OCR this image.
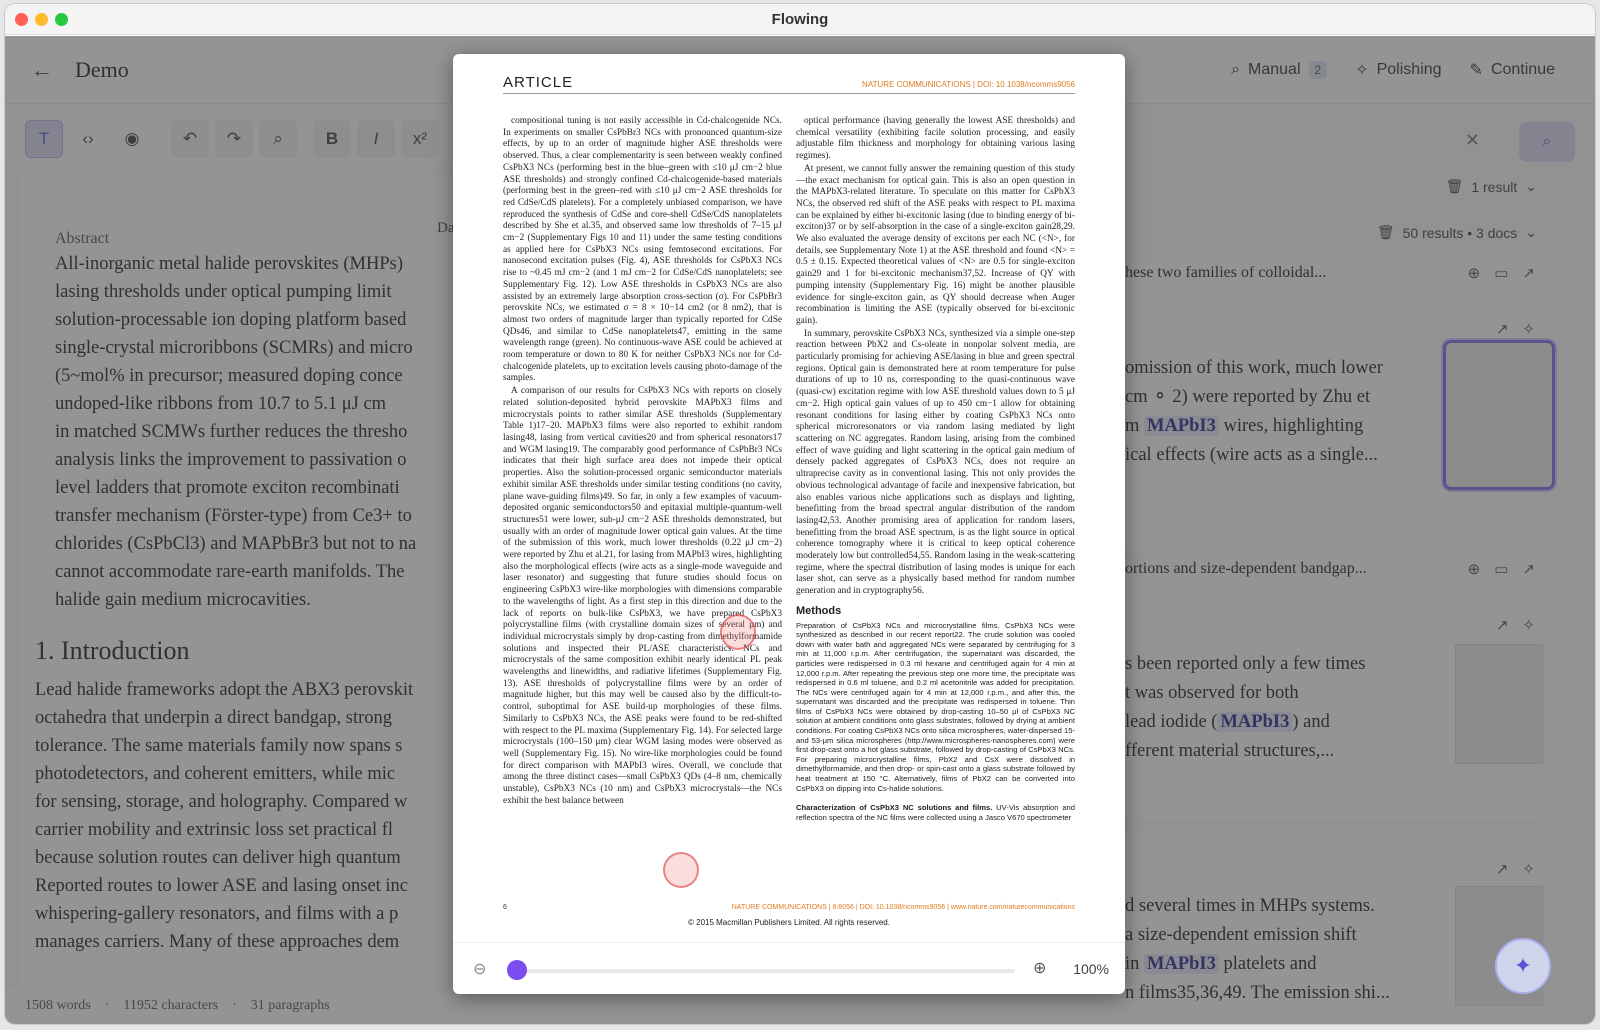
Flowing
ARTICLE	NATURE COMMUNICATIONS | DOI: 10.1038/ncomms9056

compositional tuning is not easily accessible in Cd-chalcogenide NCs. In experiments on smaller CsPbBr3 NCs with pronounced quantum-size effects, by up to an order of magnitude higher ASE thresholds were observed. Thus, a clear complementarity is seen between weakly confined CsPbX3 NCs (performing best in the blue–green with ≤10 μJ cm−2 blue ASE thresholds) and strongly confined Cd-chalcogenide-based materials (performing best in the green–red with ≤10 μJ cm−2 ASE thresholds for red CdSe/CdS platelets). For a completely unbiased comparison, we have reproduced the synthesis of CdSe and core-shell CdSe/CdS nanoplatelets described by She et al.35, and observed same low thresholds of 7–15 μJ cm−2 (Supplementary Figs 10 and 11) under the same testing conditions as applied here for CsPbX3 NCs using femtosecond excitations. For nanosecond excitation pulses (Fig. 4), ASE thresholds for CsPbX3 NCs rise to ~0.45 mJ cm−2 (and 1 mJ cm−2 for CdSe/CdS nanoplatelets; see Supplementary Fig. 12). Low ASE thresholds in CsPbX3 NCs are also assisted by an extremely large absorption cross-section (σ). For CsPbBr3 perovskite NCs, we estimated σ = 8 × 10−14 cm2 (or 8 nm2), that is almost two orders of magnitude larger than typically reported for CdSe QDs46, and similar to CdSe nanoplatelets47, emitting in the same wavelength range (green). No continuous-wave ASE could be achieved at room temperature or down to 80 K for neither CsPbX3 NCs nor for Cd-chalcogenide platelets, up to excitation levels causing photo-damage of the samples.

A comparison of our results for CsPbX3 NCs with reports on closely related solution-deposited hybrid perovskite MAPbX3 films and microcrystals points to rather similar ASE thresholds (Supplementary Table 1)17–20. MAPbX3 films were also reported to exhibit random lasing48, lasing from vertical cavities20 and from spherical resonators17 and WGM lasing19. The comparably good performance of CsPbBr3 NCs indicates that their high surface area does not impede their optical properties. Also the solution-processed organic semiconductor materials exhibit similar ASE thresholds under similar testing conditions (no cavity, plane wave-guiding films)49. So far, in only a few examples of vacuum-deposited organic semiconductors50 and epitaxial multiple-quantum-well structures51 were lower, sub-μJ cm−2 ASE thresholds demonstrated, but usually with an order of magnitude lower optical gain values. At the time of the submission of this work, much lower thresholds (0.22 μJ cm−2) were reported by Zhu et al.21, for lasing from MAPbI3 wires, highlighting also the morphological effects (wire acts as a single-mode waveguide and laser resonator) and suggesting that future studies should focus on engineering CsPbX3 wire-like morphologies with dimensions comparable to the wavelengths of light. As a first step in this direction and due to the lack of reports on bulk-like CsPbX3, we have prepared CsPbX3 polycrystalline films (with crystalline domain sizes of several μm) and individual microcrystals simply by drop-casting from dimethylformamide solutions and inspected their PL/ASE characteristics. NCs and microcrystals of the same composition exhibit nearly identical PL peak wavelengths and linewidths, and radiative lifetimes (Supplementary Fig. 13). ASE thresholds of polycrystalline films were by an order of magnitude higher, but this may well be caused also by the difficult-to-control, suboptimal for ASE build-up morphologies of these films. Similarly to CsPbX3 NCs, the ASE peaks were found to be red-shifted with respect to the PL maxima (Supplementary Fig. 14). For selected large microcrystals (100–150 μm) clear WGM lasing modes were observed as well (Supplementary Fig. 15). No wire-like morphologies could be found for direct comparison with MAPbI3 wires. Overall, we conclude that among the three distinct cases—small CsPbX3 QDs (4–8 nm, chemically unstable), CsPbX3 NCs (10 nm) and CsPbX3 microcrystals—the NCs exhibit the best balance between

optical performance (having generally the lowest ASE thresholds) and chemical versatility (exhibiting facile solution processing, and easily adjustable film thickness and morphology for obtaining various lasing regimes).

At present, we cannot fully answer the remaining question of this study—the exact mechanism for optical gain. This is also an open question in the MAPbX3-related literature. To speculate on this matter for CsPbX3 NCs, the observed red shift of the ASE peaks with respect to PL maxima can be explained by either bi-excitonic lasing (due to binding energy of bi-exciton)37 or by self-absorption in the case of a single-exciton gain28,29. We also evaluated the average density of excitons per each NC (<N>, for details, see Supplementary Note 1) at the ASE threshold and found <N> = 0.5 ± 0.15. Expected theoretical values of <N> are 0.5 for single-exciton gain29 and 1 for bi-excitonic mechanism37,52. Increase of QY with pumping intensity (Supplementary Fig. 16) might be another plausible evidence for single-exciton gain, as QY should decrease when Auger recombination is limiting the ASE (typically observed for bi-excitonic gain).

In summary, perovskite CsPbX3 NCs, synthesized via a simple one-step reaction between PbX2 and Cs-oleate in nonpolar solvent media, are particularly promising for achieving ASE/lasing in blue and green spectral regions. Optical gain is demonstrated here at room temperature for pulse durations of up to 10 ns, corresponding to the quasi-continuous wave (quasi-cw) excitation regime with low ASE threshold values down to 5 μJ cm−2. High optical gain values of up to 450 cm−1 allow for obtaining resonant conditions for lasing either by coating CsPbX3 NCs onto spherical microresonators or via random lasing mediated by light scattering on NC aggregates. Random lasing, arising from the combined effect of wave guiding and light scattering in the optical gain medium of densely packed aggregates of CsPbX3 NCs, does not require an ultraprecise cavity as in conventional lasing. This not only provides the obvious technological advantage of facile and inexpensive fabrication, but also enables various niche applications such as displays and lighting, benefitting from the broad spectral angular distribution of the random lasing42,53. Another promising area of application for random lasers, benefitting from the broad ASE spectrum, is as the light source in optical coherence tomography where it is critical to keep optical coherence moderately low but controlled54,55. Random lasing in the weak-scattering regime, where the spectral distribution of lasing modes is unique for each laser shot, can serve as a physically based method for random number generation and in cryptography56.

Methods
Preparation of CsPbX3 NCs and microcrystalline films. CsPbX3 NCs were synthesized as described in our recent report22. The crude solution was cooled down with water bath and aggregated NCs were separated by centrifuging for 3 min at 11,000 r.p.m. After centrifugation, the supernatant was discarded, the particles were redispersed in 0.3 ml hexane and centrifuged again for 4 min at 12,000 r.p.m. After repeating the previous step one more time, the precipitate was redispersed in 0.6 ml toluene, and 0.2 ml acetonitrile was added for precipitation. The NCs were centrifuged again for 4 min at 12,000 r.p.m., and after this, the supernatant was discarded and the precipitate was redispersed in toluene. Thin films of CsPbX3 NCs were obtained by drop-casting 10–50 μl of CsPbX3 NC solution at ambient conditions onto glass substrates, followed by drying at ambient conditions. For coating CsPbX3 NCs onto silica microspheres, water-dispersed 15- and 53-μm silica microspheres (http://www.microspheres-nanospheres.com) were first drop-cast onto a hot glass substrate, followed by drop-casting of CsPbX3 NCs. For preparing microcrystalline films, PbX2 and CsX were dissolved in dimethylformamide, and then drop- or spin-cast onto a glass substrate followed by heat treatment at 150 °C. Alternatively, films of PbX2 can be converted into CsPbX3 on dipping into Cs-halide solutions.
Characterization of CsPbX3 NC solutions and films. UV-Vis absorption and reflection spectra of the NC films were collected using a Jasco V670 spectrometer
6	NATURE COMMUNICATIONS | 6:8056 | DOI: 10.1038/ncomms9056 | www.nature.com/naturecommunications
© 2015 Macmillan Publishers Limited. All rights reserved.
⊖	⊕ 100%	✦
